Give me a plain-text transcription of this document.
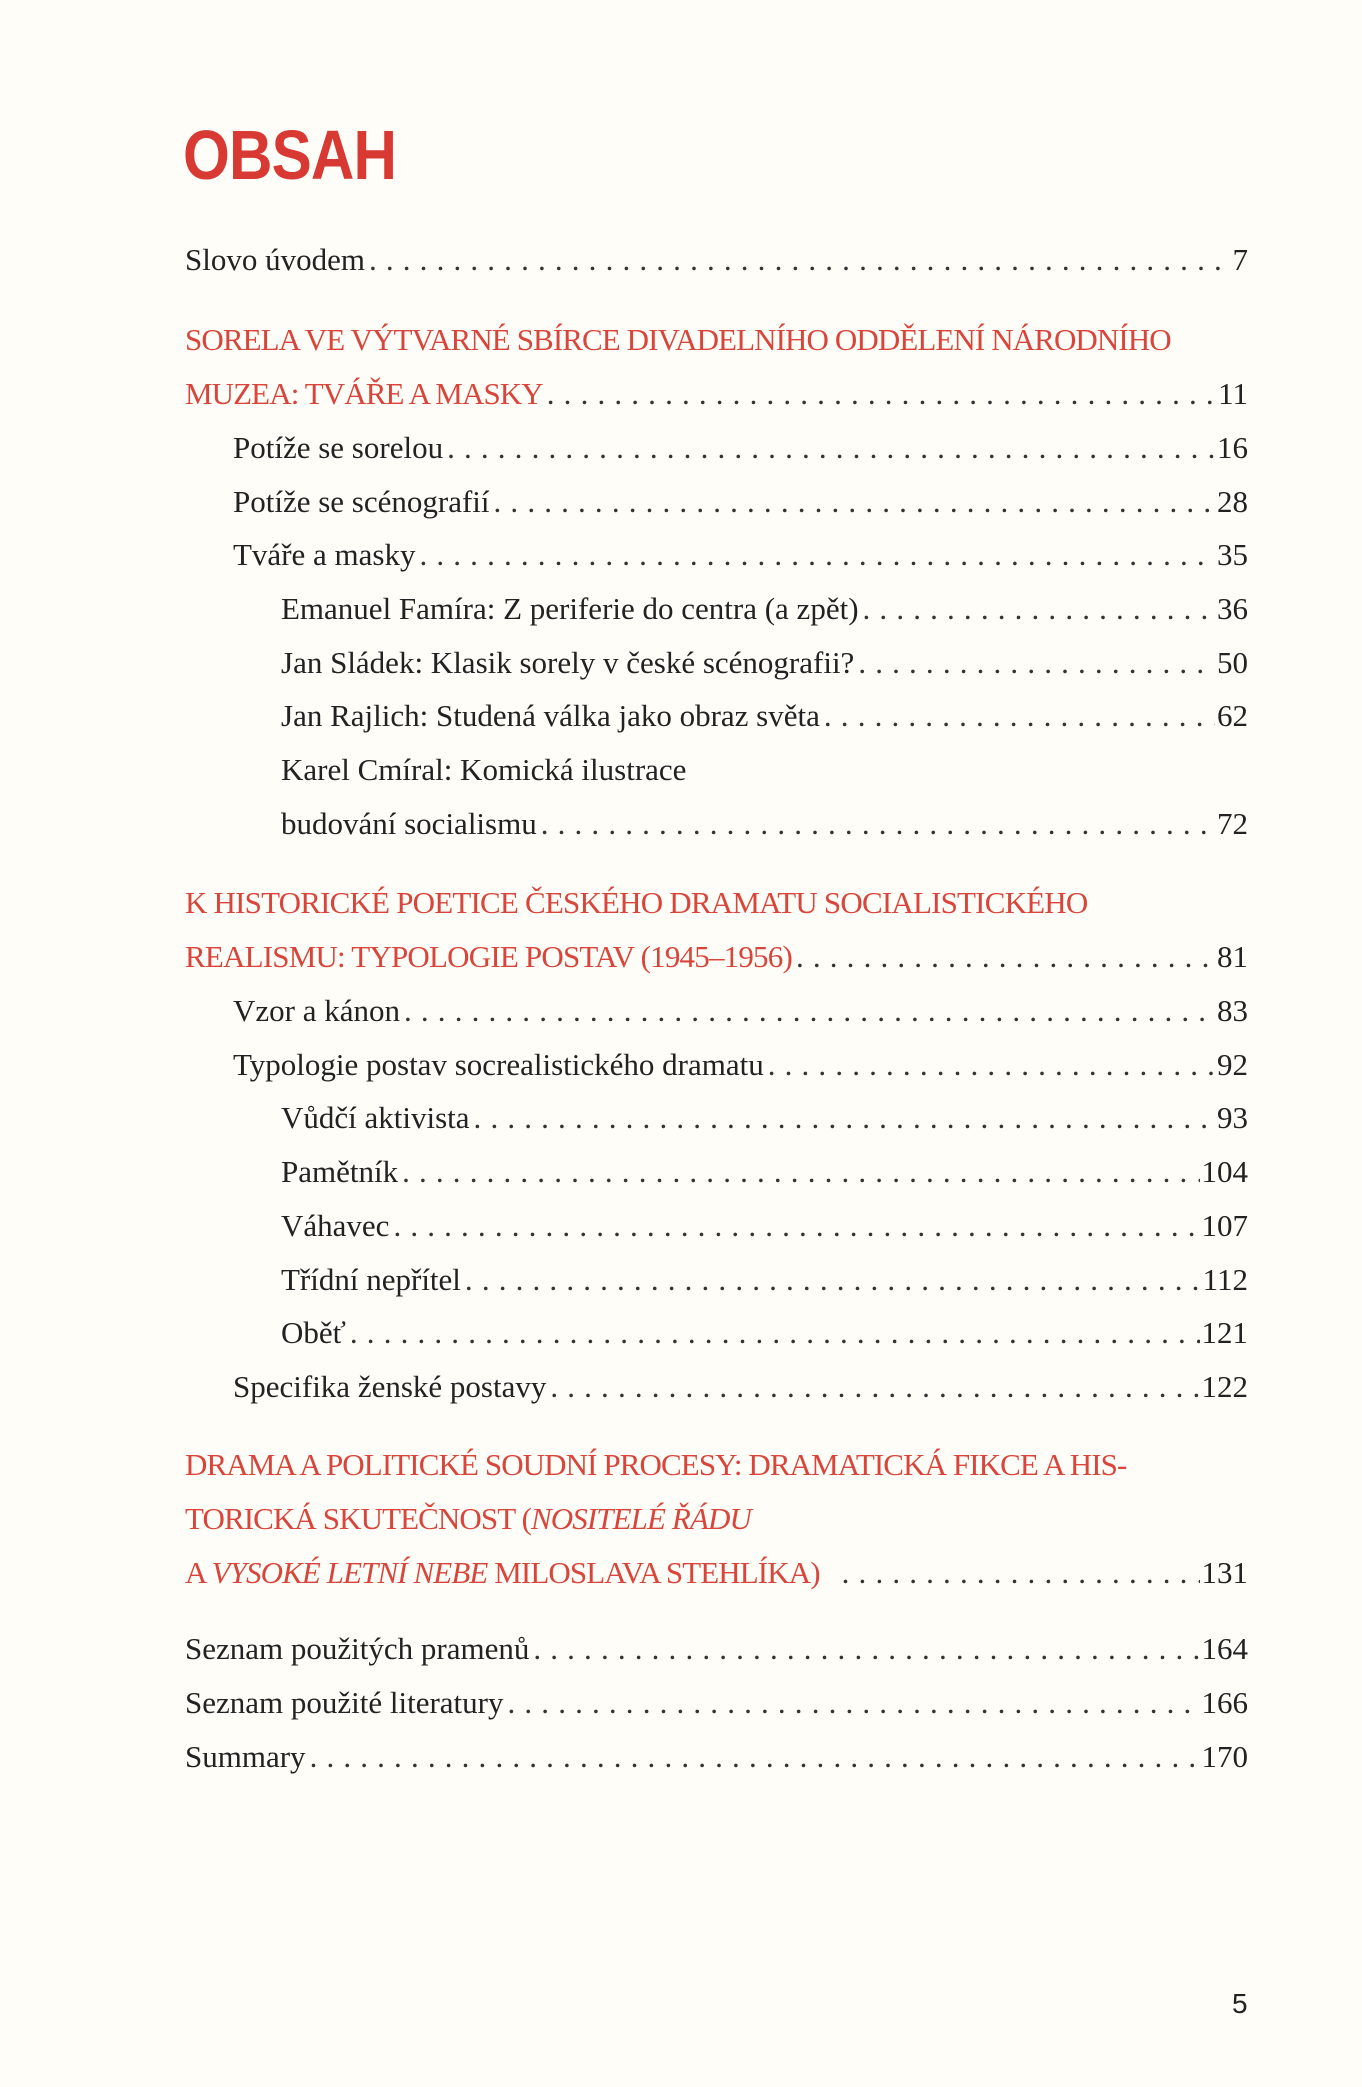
OBSAH
Slovo úvodem . . .	7
SORELA VE VÝTVARNÉ SBÍRCE DIVADELNÍHO ODDĚLENÍ NÁRODNÍHO
MUZEA: TVÁŘE A MASKY . . .	11
Potíže se sorelou . . .	16
Potíže se scénografií . . .	28
Tváře a masky . . .	35
Emanuel Famíra: Z periferie do centra (a zpět) . . .	36
Jan Sládek: Klasik sorely v české scénografii? . . .	50
Jan Rajlich: Studená válka jako obraz světa . . .	62
Karel Cmíral: Komická ilustrace
budování socialismu . . .	72
K HISTORICKÉ POETICE ČESKÉHO DRAMATU SOCIALISTICKÉHO
REALISMU: TYPOLOGIE POSTAV (1945–1956) . . .	81
Vzor a kánon . . .	83
Typologie postav socrealistického dramatu . . .	92
Vůdčí aktivista . . .	93
Pamětník . . .	104
Váhavec . . .	107
Třídní nepřítel . . .	112
Oběť . . .	121
Specifika ženské postavy . . .	122
DRAMA A POLITICKÉ SOUDNÍ PROCESY: DRAMATICKÁ FIKCE A HIS-
TORICKÁ SKUTEČNOST (NOSITELÉ ŘÁDU
A VYSOKÉ LETNÍ NEBE MILOSLAVA STEHLÍKA) . . .	131
Seznam použitých pramenů . . .	164
Seznam použité literatury . . .	166
Summary . . .	170
5
